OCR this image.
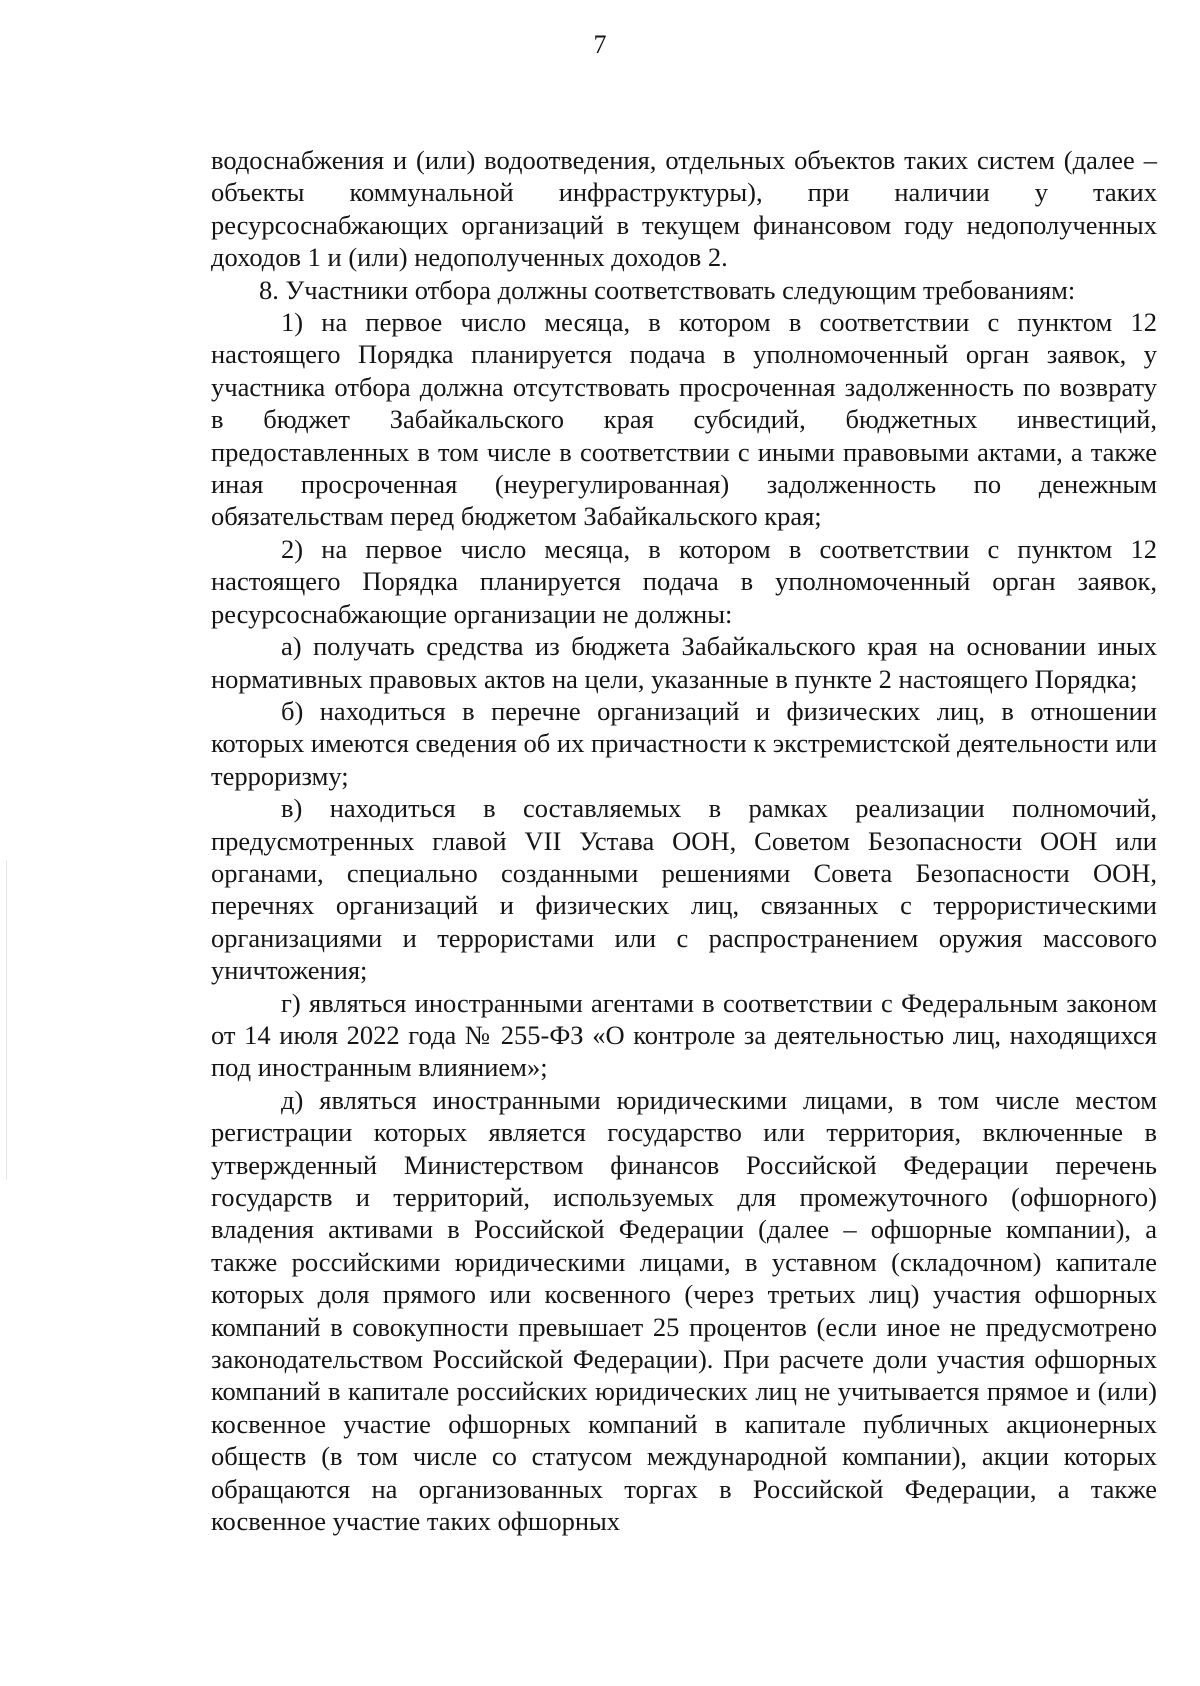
7

водоснабжения и (или) водоотведения, отдельных объектов таких систем (далее – объекты коммунальной инфраструктуры), при наличии у таких ресурсоснабжающих организаций в текущем финансовом году недополученных доходов 1 и (или) недополученных доходов 2.

8. Участники отбора должны соответствовать следующим требованиям:

1) на первое число месяца, в котором в соответствии с пунктом 12 настоящего Порядка планируется подача в уполномоченный орган заявок, у участника отбора должна отсутствовать просроченная задолженность по возврату в бюджет Забайкальского края субсидий, бюджетных инвестиций, предоставленных в том числе в соответствии с иными правовыми актами, а также иная просроченная (неурегулированная) задолженность по денежным обязательствам перед бюджетом Забайкальского края;

2) на первое число месяца, в котором в соответствии с пунктом 12 настоящего Порядка планируется подача в уполномоченный орган заявок, ресурсоснабжающие организации не должны:

а) получать средства из бюджета Забайкальского края на основании иных нормативных правовых актов на цели, указанные в пункте 2 настоящего Порядка;

б) находиться в перечне организаций и физических лиц, в отношении которых имеются сведения об их причастности к экстремистской деятельности или терроризму;

в) находиться в составляемых в рамках реализации полномочий, предусмотренных главой VII Устава ООН, Советом Безопасности ООН или органами, специально созданными решениями Совета Безопасности ООН, перечнях организаций и физических лиц, связанных с террористическими организациями и террористами или с распространением оружия массового уничтожения;

г) являться иностранными агентами в соответствии с Федеральным законом от 14 июля 2022 года № 255-ФЗ «О контроле за деятельностью лиц, находящихся под иностранным влиянием»;

д) являться иностранными юридическими лицами, в том числе местом регистрации которых является государство или территория, включенные в утвержденный Министерством финансов Российской Федерации перечень государств и территорий, используемых для промежуточного (офшорного) владения активами в Российской Федерации (далее – офшорные компании), а также российскими юридическими лицами, в уставном (складочном) капитале которых доля прямого или косвенного (через третьих лиц) участия офшорных компаний в совокупности превышает 25 процентов (если иное не предусмотрено законодательством Российской Федерации). При расчете доли участия офшорных компаний в капитале российских юридических лиц не учитывается прямое и (или) косвенное участие офшорных компаний в капитале публичных акционерных обществ (в том числе со статусом международной компании), акции которых обращаются на организованных торгах в Российской Федерации, а также косвенное участие таких офшорных
